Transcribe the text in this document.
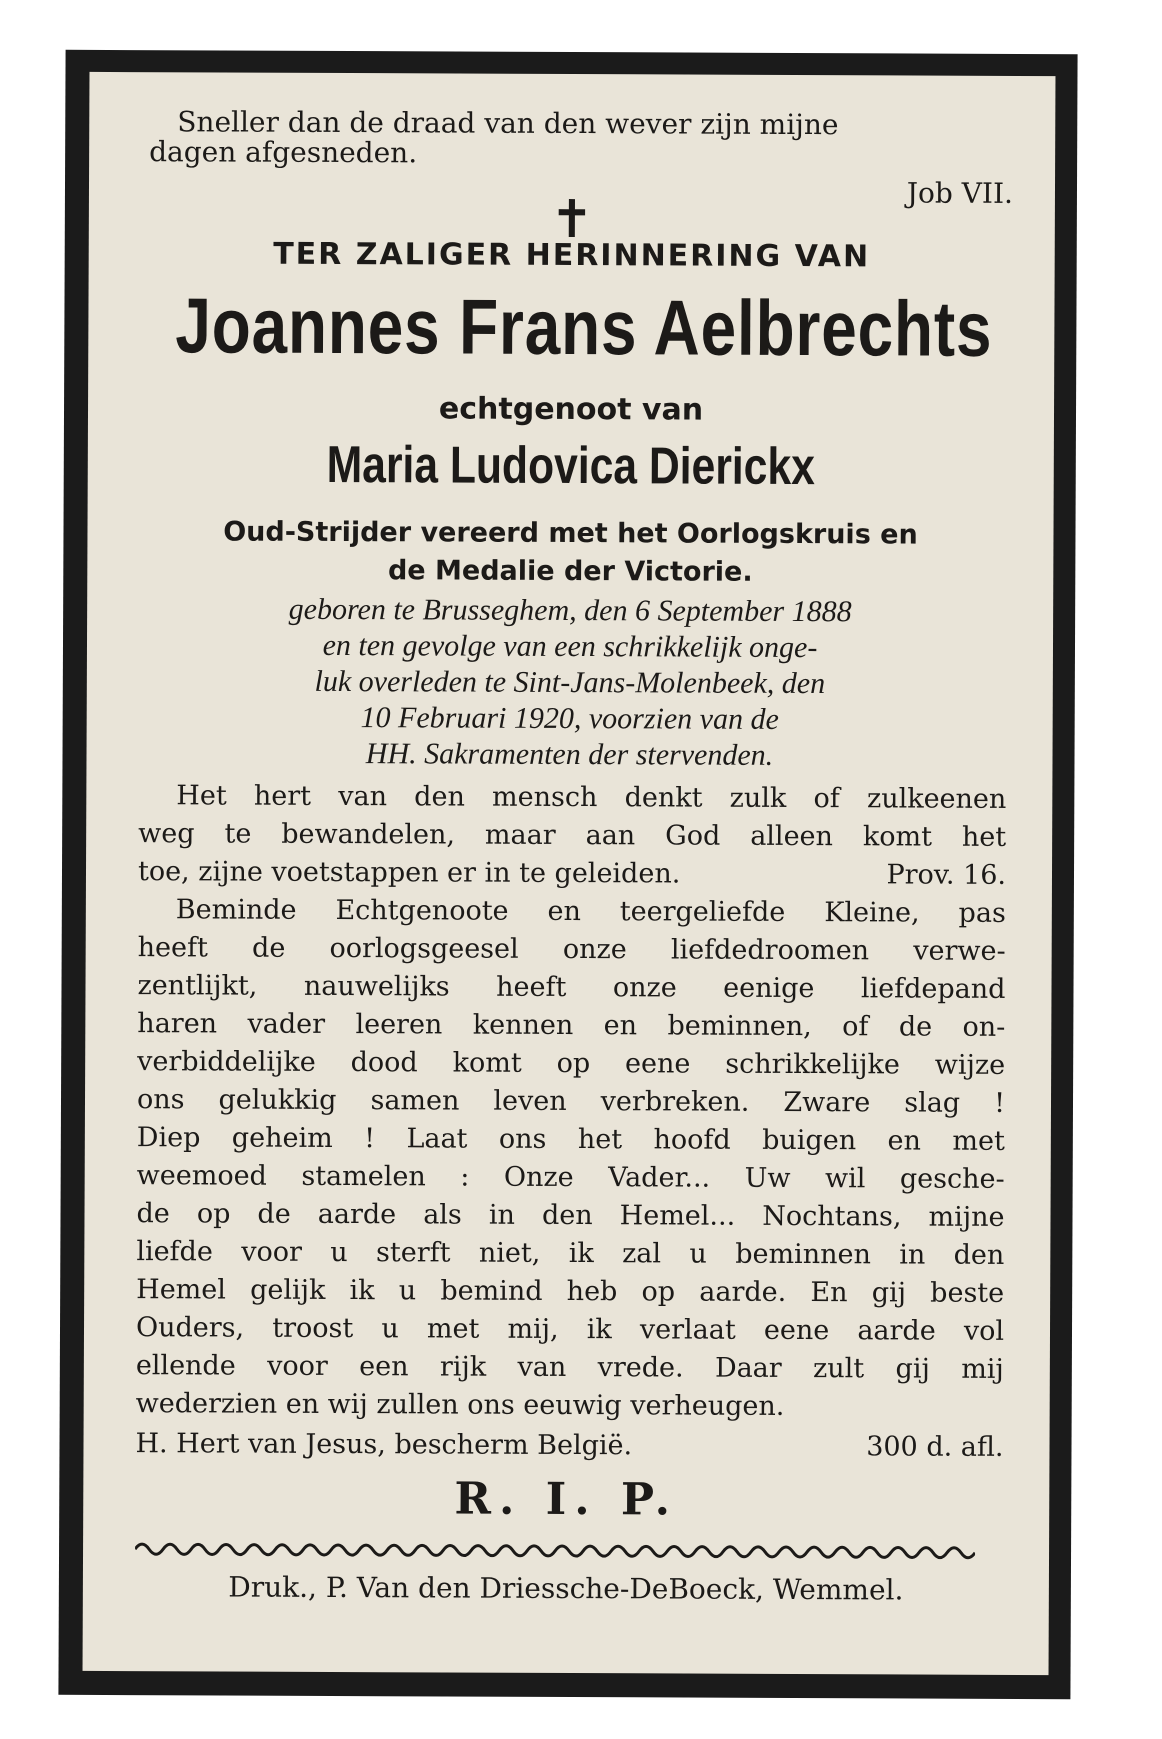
Sneller dan de draad van den wever zijn mijne
dagen afgesneden.
Job VII.
✝
TER ZALIGER HERINNERING VAN
Joannes Frans Aelbrechts
echtgenoot van
Maria Ludovica Dierickx
Oud-Strijder vereerd met het Oorlogskruis en
de Medalie der Victorie.
geboren te Brusseghem, den 6 September 1888
en ten gevolge van een schrikkelijk onge-
luk overleden te Sint-Jans-Molenbeek, den
10 Februari 1920, voorzien van de
HH. Sakramenten der stervenden.
Het hert van den mensch denkt zulk of zulkeenen
weg te bewandelen, maar aan God alleen komt het
toe, zijne voetstappen er in te geleiden.	Prov. 16.
Beminde Echtgenoote en teergeliefde Kleine, pas
heeft de oorlogsgeesel onze liefdedroomen verwe-
zentlijkt, nauwelijks heeft onze eenige liefdepand
haren vader leeren kennen en beminnen, of de on-
verbiddelijke dood komt op eene schrikkelijke wijze
ons gelukkig samen leven verbreken. Zware slag !
Diep geheim ! Laat ons het hoofd buigen en met
weemoed stamelen : Onze Vader... Uw wil gesche-
de op de aarde als in den Hemel... Nochtans, mijne
liefde voor u sterft niet, ik zal u beminnen in den
Hemel gelijk ik u bemind heb op aarde. En gij beste
Ouders, troost u met mij, ik verlaat eene aarde vol
ellende voor een rijk van vrede. Daar zult gij mij
wederzien en wij zullen ons eeuwig verheugen.
H. Hert van Jesus, bescherm België.	300 d. afl.
R. I. P.
Druk., P. Van den Driessche-DeBoeck, Wemmel.
